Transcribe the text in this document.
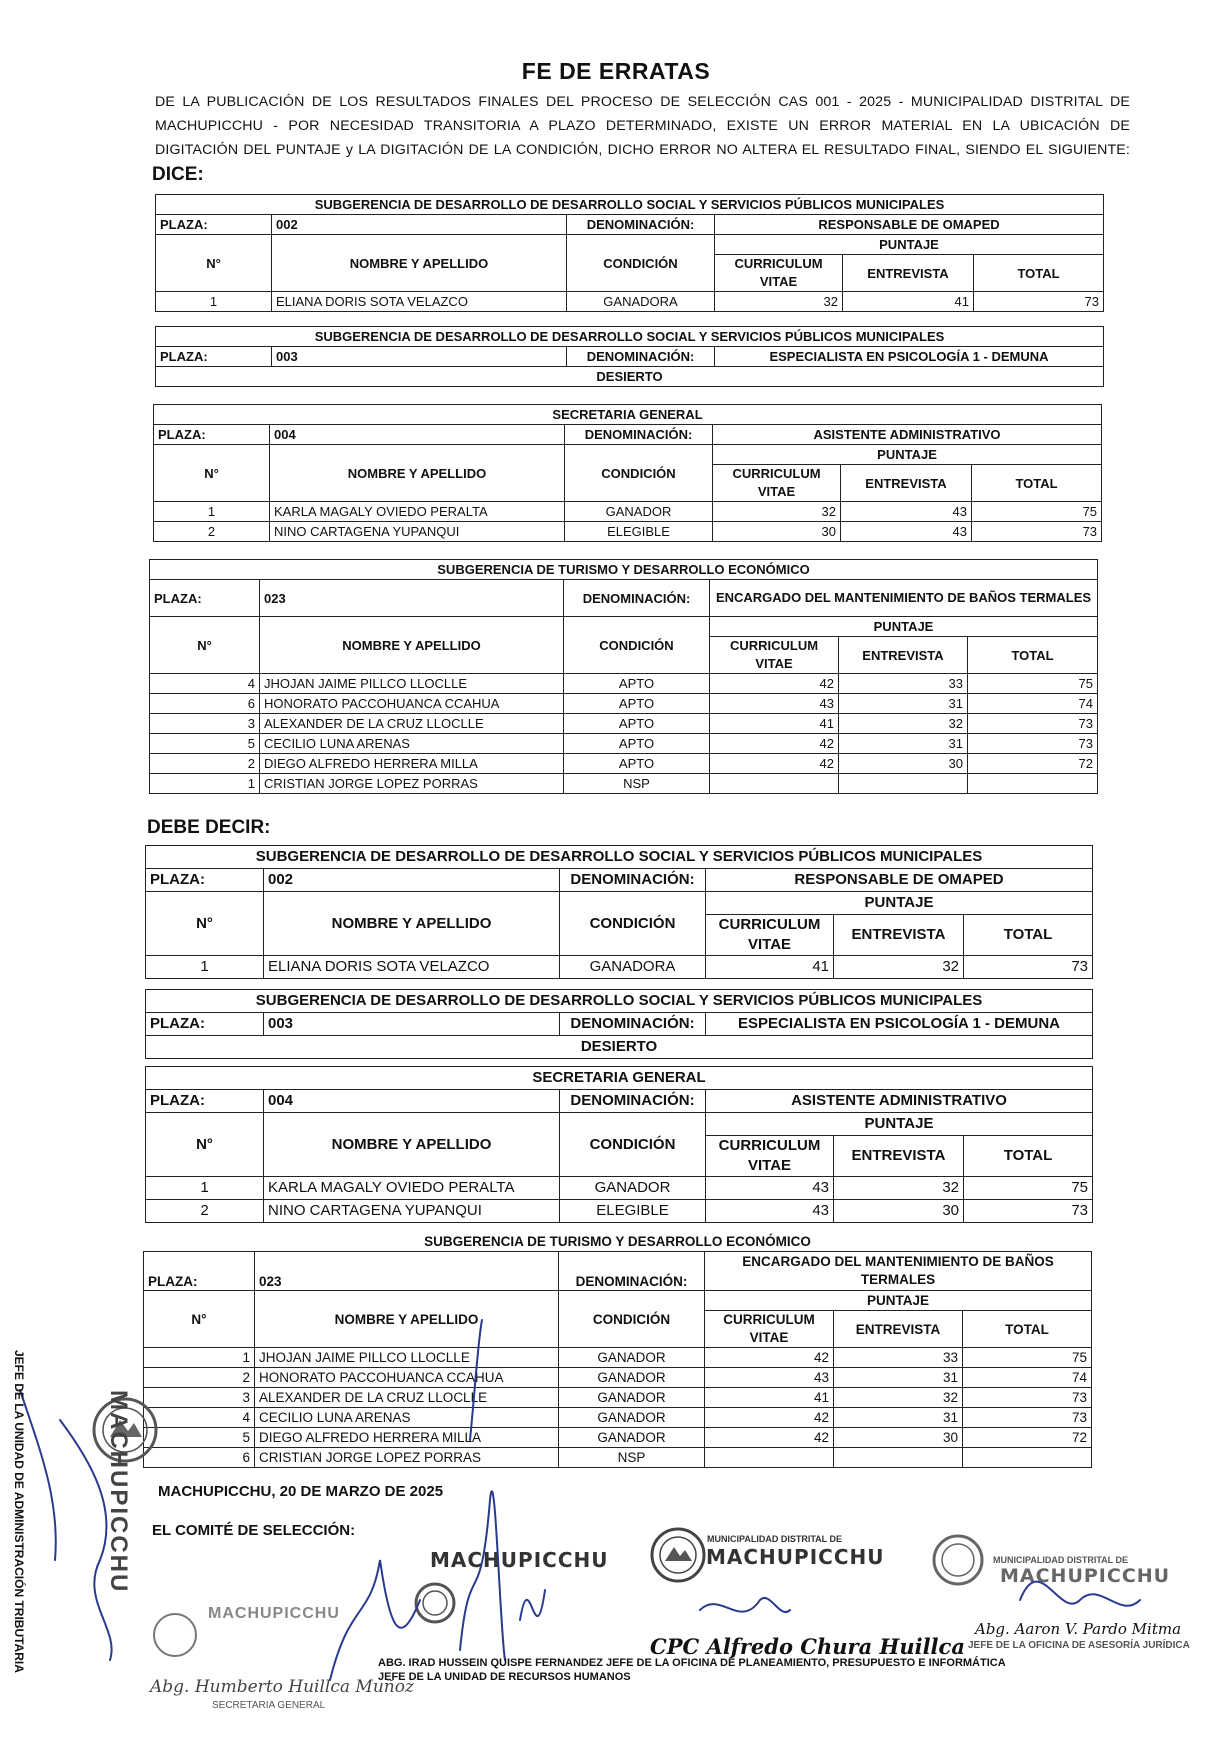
FE DE ERRATAS
DE LA PUBLICACIÓN DE LOS RESULTADOS FINALES DEL PROCESO DE SELECCIÓN CAS 001 - 2025 - MUNICIPALIDAD DISTRITAL DE
MACHUPICCHU - POR NECESIDAD TRANSITORIA A PLAZO DETERMINADO, EXISTE UN ERROR MATERIAL EN LA UBICACIÓN DE
DIGITACIÓN DEL PUNTAJE y LA DIGITACIÓN DE LA CONDICIÓN, DICHO ERROR NO ALTERA EL RESULTADO FINAL, SIENDO EL SIGUIENTE:
DICE:
SUBGERENCIA DE DESARROLLO DE DESARROLLO SOCIAL Y SERVICIOS PÚBLICOS MUNICIPALES					
PLAZA:	002	DENOMINACIÓN:	RESPONSABLE DE OMAPED		
N°	NOMBRE Y APELLIDO	CONDICIÓN	PUNTAJE		
			CURRICULUM VITAE	ENTREVISTA	TOTAL
1	ELIANA DORIS SOTA VELAZCO	GANADORA	32	41	73
SUBGERENCIA DE DESARROLLO DE DESARROLLO SOCIAL Y SERVICIOS PÚBLICOS MUNICIPALES
PLAZA:	003	DENOMINACIÓN:	ESPECIALISTA EN PSICOLOGÍA 1 - DEMUNA
DESIERTO
SECRETARIA GENERAL					
PLAZA:	004	DENOMINACIÓN:	ASISTENTE ADMINISTRATIVO		
N°	NOMBRE Y APELLIDO	CONDICIÓN	PUNTAJE		
			CURRICULUM VITAE	ENTREVISTA	TOTAL
1	KARLA MAGALY OVIEDO PERALTA	GANADOR	32	43	75
2	NINO CARTAGENA YUPANQUI	ELEGIBLE	30	43	73
SUBGERENCIA DE TURISMO Y DESARROLLO ECONÓMICO					
PLAZA:	023	DENOMINACIÓN:	ENCARGADO DEL MANTENIMIENTO DE BAÑOS TERMALES		
N°	NOMBRE Y APELLIDO	CONDICIÓN	PUNTAJE		
			CURRICULUM VITAE	ENTREVISTA	TOTAL
4	JHOJAN JAIME PILLCO LLOCLLE	APTO	42	33	75
6	HONORATO PACCOHUANCA CCAHUA	APTO	43	31	74
3	ALEXANDER DE LA CRUZ LLOCLLE	APTO	41	32	73
5	CECILIO LUNA ARENAS	APTO	42	31	73
2	DIEGO ALFREDO HERRERA MILLA	APTO	42	30	72
1	CRISTIAN JORGE LOPEZ PORRAS	NSP			
DEBE DECIR:
SUBGERENCIA DE DESARROLLO DE DESARROLLO SOCIAL Y SERVICIOS PÚBLICOS MUNICIPALES					
PLAZA:	002	DENOMINACIÓN:	RESPONSABLE DE OMAPED		
N°	NOMBRE Y APELLIDO	CONDICIÓN	PUNTAJE		
			CURRICULUM VITAE	ENTREVISTA	TOTAL
1	ELIANA DORIS SOTA VELAZCO	GANADORA	41	32	73
SUBGERENCIA DE DESARROLLO DE DESARROLLO SOCIAL Y SERVICIOS PÚBLICOS MUNICIPALES
PLAZA:	003	DENOMINACIÓN:	ESPECIALISTA EN PSICOLOGÍA 1 - DEMUNA
DESIERTO
SECRETARIA GENERAL					
PLAZA:	004	DENOMINACIÓN:	ASISTENTE ADMINISTRATIVO		
N°	NOMBRE Y APELLIDO	CONDICIÓN	PUNTAJE		
			CURRICULUM VITAE	ENTREVISTA	TOTAL
1	KARLA MAGALY OVIEDO PERALTA	GANADOR	43	32	75
2	NINO CARTAGENA YUPANQUI	ELEGIBLE	43	30	73
SUBGERENCIA DE TURISMO Y DESARROLLO ECONÓMICO					
PLAZA:	023	DENOMINACIÓN:	ENCARGADO DEL MANTENIMIENTO DE BAÑOS TERMALES		
N°	NOMBRE Y APELLIDO	CONDICIÓN	PUNTAJE		
			CURRICULUM VITAE	ENTREVISTA	TOTAL
1	JHOJAN JAIME PILLCO LLOCLLE	GANADOR	42	33	75
2	HONORATO PACCOHUANCA CCAHUA	GANADOR	43	31	74
3	ALEXANDER DE LA CRUZ LLOCLLE	GANADOR	41	32	73
4	CECILIO LUNA ARENAS	GANADOR	42	31	73
5	DIEGO ALFREDO HERRERA MILLA	GANADOR	42	30	72
6	CRISTIAN JORGE LOPEZ PORRAS	NSP			
MACHUPICCHU, 20 DE MARZO DE 2025
EL COMITÉ DE SELECCIÓN:
MACHUPICCHU
MUNICIPALIDAD DISTRITAL DE
MACHUPICCHU	MUNICIPALIDAD DISTRITAL DE
MACHUPICCHU
MACHUPICCHU
MACHUPICCHU
ABG. IRAD HUSSEIN QUISPE FERNANDEZ JEFE DE LA OFICINA DE PLANEAMIENTO, PRESUPUESTO E INFORMÁTICA
JEFE DE LA UNIDAD DE RECURSOS HUMANOS
CPC Alfredo Chura Huillca
Abg. Aaron V. Pardo Mitma
JEFE DE LA OFICINA DE ASESORÍA JURÍDICA
Abg. Humberto Huillca Muñoz
SECRETARIA GENERAL
JEFE DE LA UNIDAD DE ADMINISTRACIÓN TRIBUTARIA
